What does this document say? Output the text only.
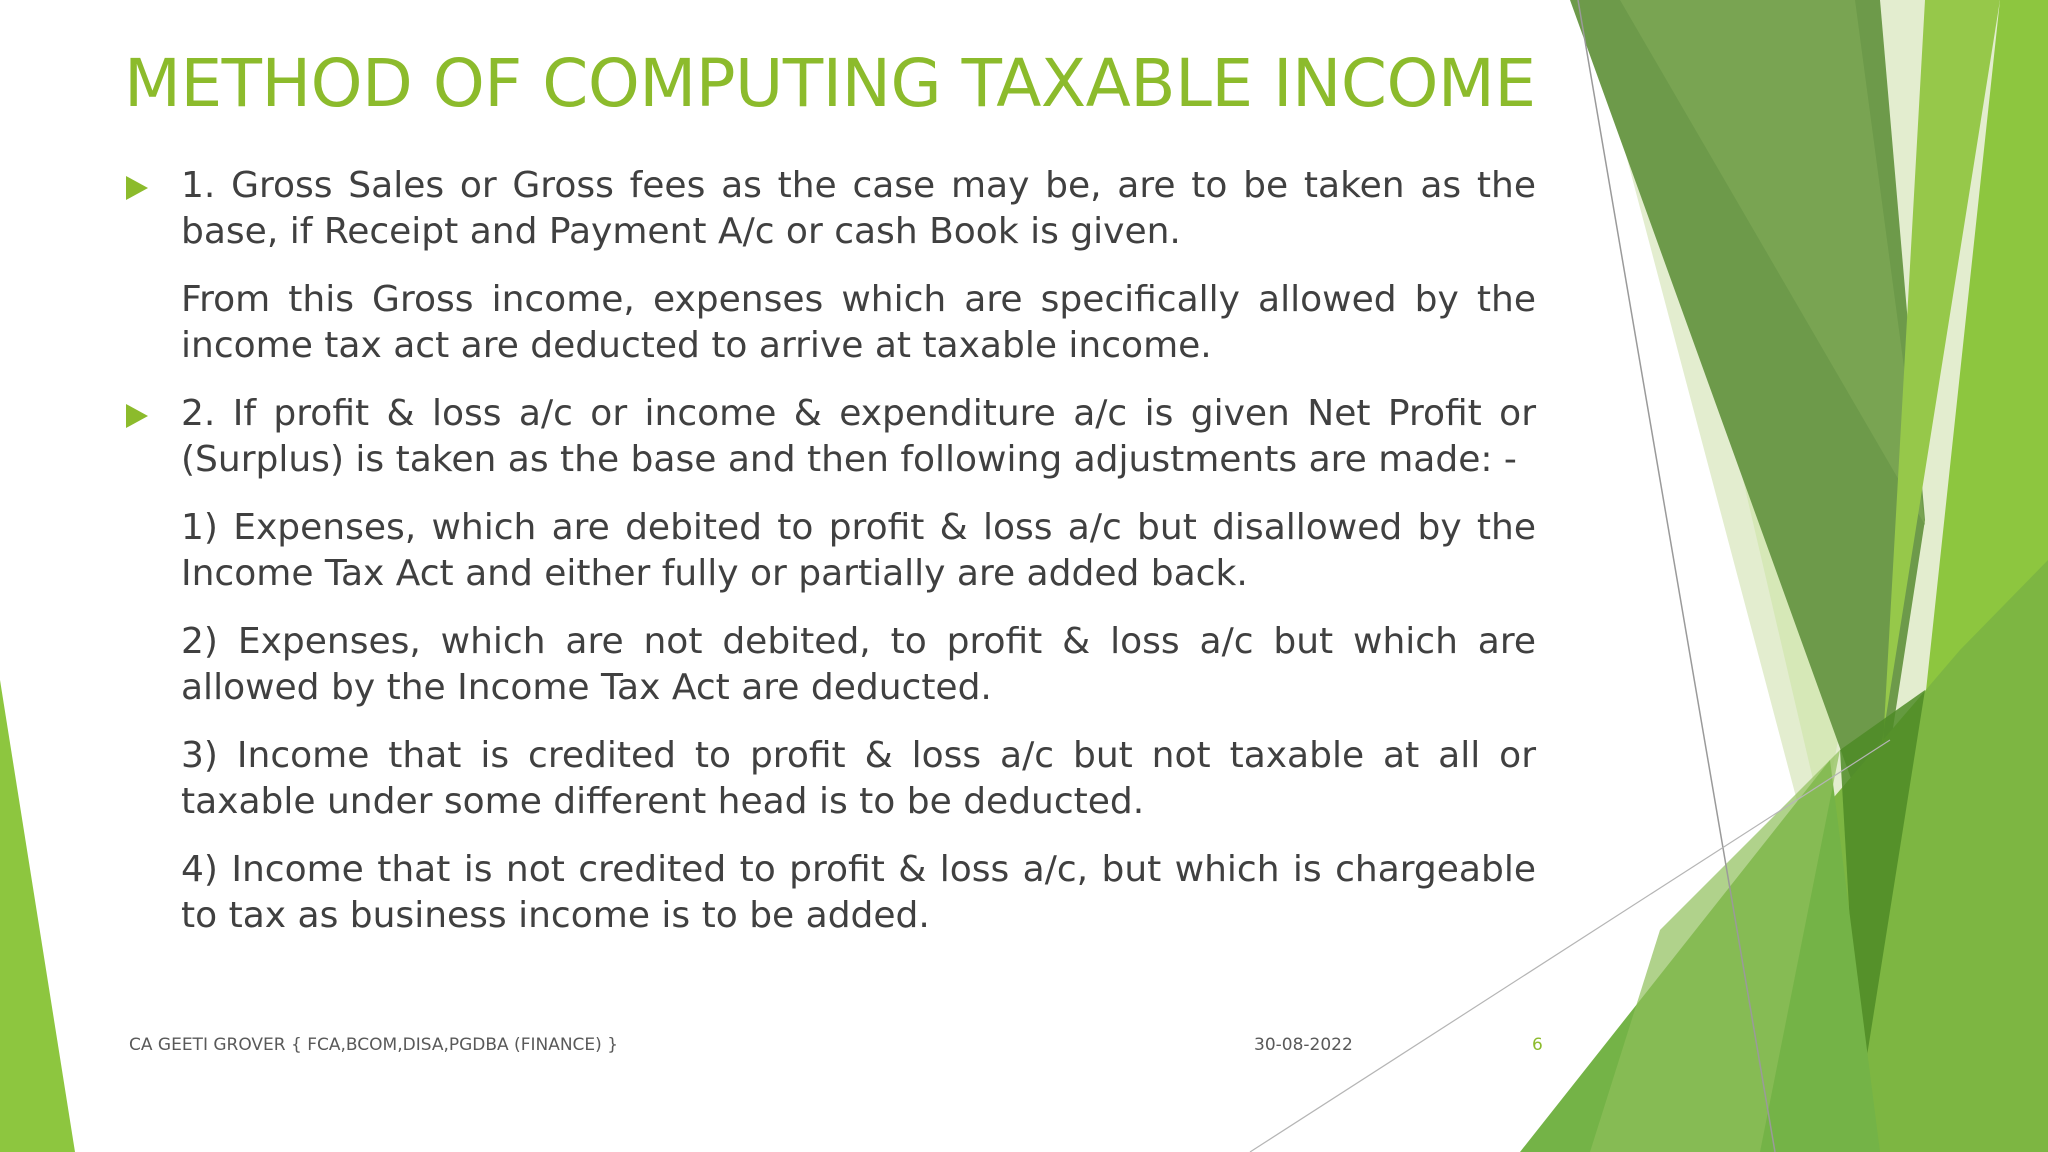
METHOD OF COMPUTING TAXABLE INCOME

1. Gross Sales or Gross fees as the case may be, are to be taken as the base, if Receipt and Payment A/c or cash Book is given.

From this Gross income, expenses which are specifically allowed by the income tax act are deducted to arrive at taxable income.

2. If profit & loss a/c or income & expenditure a/c is given Net Profit or (Surplus) is taken as the base and then following adjustments are made: -

1) Expenses, which are debited to profit & loss a/c but disallowed by the Income Tax Act and either fully or partially are added back.

2) Expenses, which are not debited, to profit & loss a/c but which are allowed by the Income Tax Act are deducted.

3) Income that is credited to profit & loss a/c but not taxable at all or taxable under some different head is to be deducted.

4) Income that is not credited to profit & loss a/c, but which is chargeable to tax as business income is to be added.

CA GEETI GROVER { FCA,BCOM,DISA,PGDBA (FINANCE) }	30-08-2022	6
